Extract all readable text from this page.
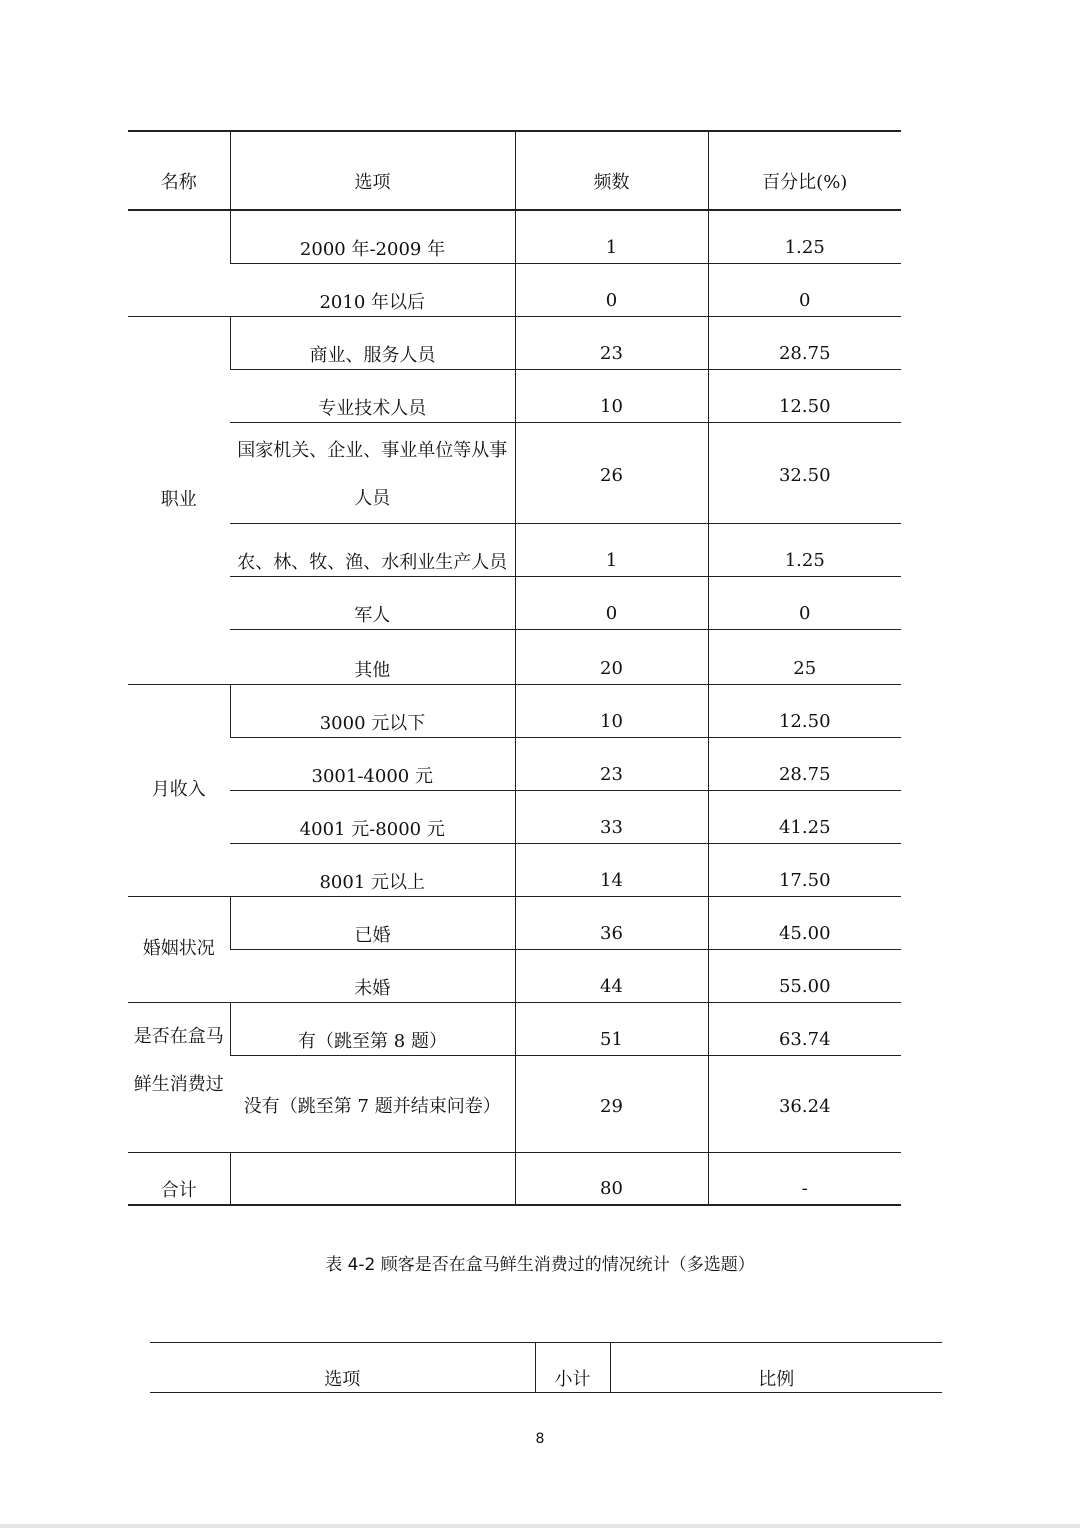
名称	选项	频数	百分比(%)
	2000 年-2009 年	1	1.25
	2010 年以后	0	0
职业	商业、服务人员	23	28.75
	专业技术人员	10	12.50
	国家机关、企业、事业单位等从事人员	26	32.50
	农、林、牧、渔、水利业生产人员	1	1.25
	军人	0	0
	其他	20	25
月收入	3000 元以下	10	12.50
	3001-4000 元	23	28.75
	4001 元-8000 元	33	41.25
	8001 元以上	14	17.50
婚姻状况	已婚	36	45.00
	未婚	44	55.00
是否在盒马鲜生消费过	有（跳至第 8 题）	51	63.74
	没有（跳至第 7 题并结束问卷）	29	36.24
合计		80	-
表 4-2 顾客是否在盒马鲜生消费过的情况统计（多选题）
选项	小计	比例
8
